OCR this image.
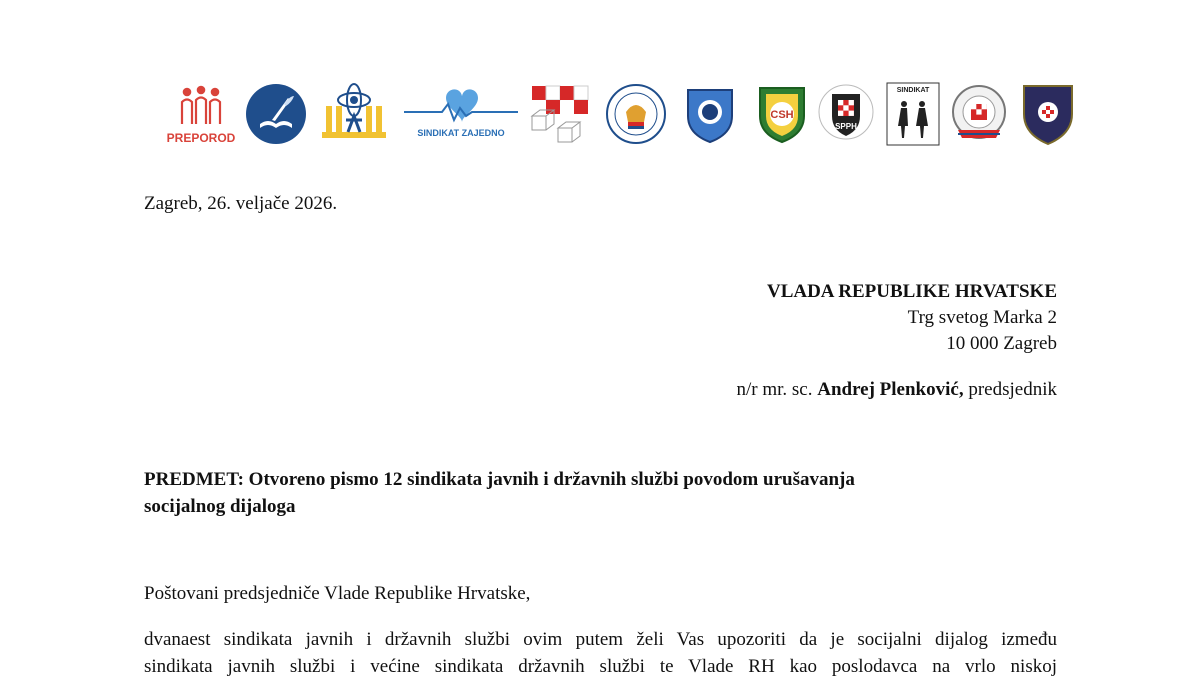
PREPOROD	SINDIKAT ZAJEDNO
CSH
SPPH
SINDIKAT
Zagreb, 26. veljače 2026.
VLADA REPUBLIKE HRVATSKE
Trg svetog Marka 2
10 000 Zagreb
n/r mr. sc. Andrej Plenković, predsjednik
PREDMET: Otvoreno pismo 12 sindikata javnih i državnih službi povodom urušavanja
socijalnog dijaloga
Poštovani predsjedniče Vlade Republike Hrvatske,
dvanaest sindikata javnih i državnih službi ovim putem želi Vas upozoriti da je socijalni dijalog između
sindikata javnih službi i većine sindikata državnih službi te Vlade RH kao poslodavca na vrlo niskoj
